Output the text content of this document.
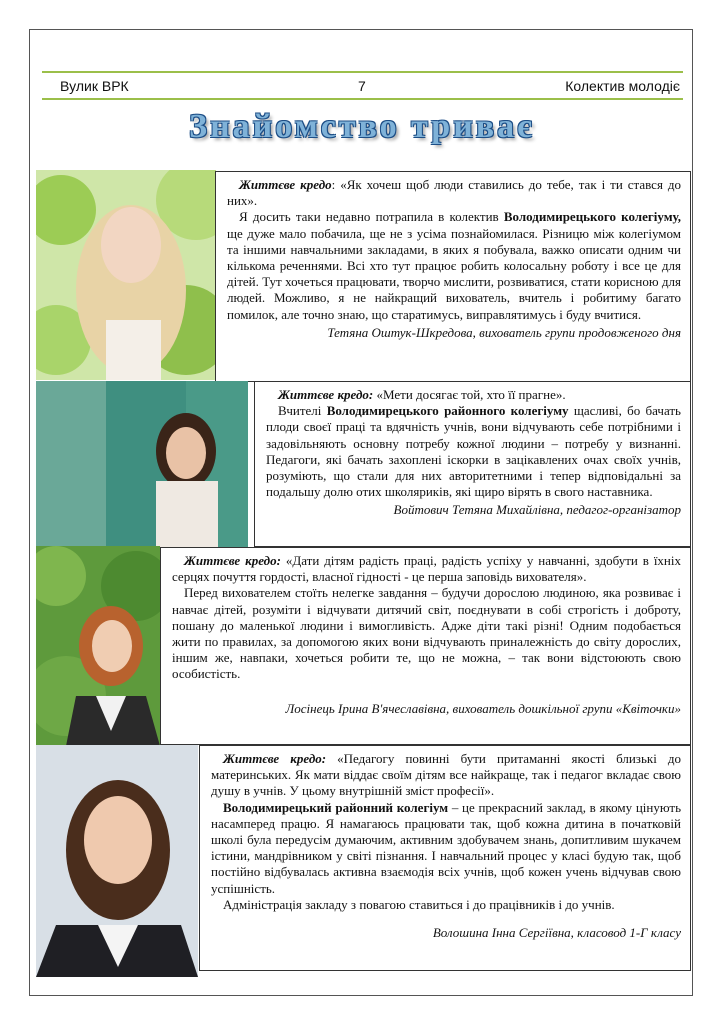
Вулик ВРК	7	Колектив молодіє
Знайомство триває

Життєве кредо: «Як хочеш щоб люди ставились до тебе, так і ти стався до них».

Я досить таки недавно потрапила в колектив Володимирецького колегіуму, ще дуже мало побачила, ще не з усіма познайомилася. Різницю між колегіумом та іншими навчальними закладами, в яких я побувала, важко описати одним чи кількома реченнями. Всі хто тут працює робить колосальну роботу і все це для дітей. Тут хочеться працювати, творчо мислити, розвиватися, стати корисною для людей. Можливо, я не найкращий вихователь, вчитель і робитиму багато помилок, але точно знаю, що старатимусь, виправлятимусь і буду вчитися.

Тетяна Оштук-Шкредова, вихователь групи продовженого дня

Життєве кредо: «Мети досягає той, хто її прагне».

Вчителі Володимирецького районного колегіуму щасливі, бо бачать плоди своєї праці та вдячність учнів, вони відчувають себе потрібними і задовільняють основну потребу кожної людини – потребу у визнанні. Педагоги, які бачать захоплені іскорки в зацікавлених очах своїх учнів, розуміють, що стали для них авторитетними і тепер відповідальні за подальшу долю отих школяриків, які щиро вірять в свого наставника.

Войтович Тетяна Михайлівна, педагог-організатор

Життєве кредо: «Дати дітям радість праці, радість успіху у навчанні, здобути в їхніх серцях почуття гордості, власної гідності - це перша заповідь вихователя».

Перед вихователем стоїть нелегке завдання – будучи дорослою людиною, яка розвиває і навчає дітей, розуміти і відчувати дитячий світ, поєднувати в собі строгість і доброту, пошану до маленької людини і вимогливість. Адже діти такі різні! Одним подобається жити по правилах, за допомогою яких вони відчувають приналежність до світу дорослих, іншим же, навпаки, хочеться робити те, що не можна, – так вони відстоюють свою особистість.

Лосінець Ірина В'ячеславівна, вихователь дошкільної групи «Квіточки»

Життєве кредо: «Педагогу повинні бути притаманні якості близькі до материнських. Як мати віддає своїм дітям все найкраще, так і педагог вкладає свою душу в учнів. У цьому внутрішній зміст професії».

Володимирецький районний колегіум – це прекрасний заклад, в якому цінують насамперед працю. Я намагаюсь працювати так, щоб кожна дитина в початковій школі була передусім думаючим, активним здобувачем знань, допитливим шукачем істини, мандрівником у світі пізнання. І навчальний процес у класі будую так, щоб постійно відбувалась активна взаємодія всіх учнів, щоб кожен учень відчував свою успішність.

Адміністрація закладу з повагою ставиться і до працівників і до учнів.

Волошина Інна Сергіївна, класовод 1-Г класу
